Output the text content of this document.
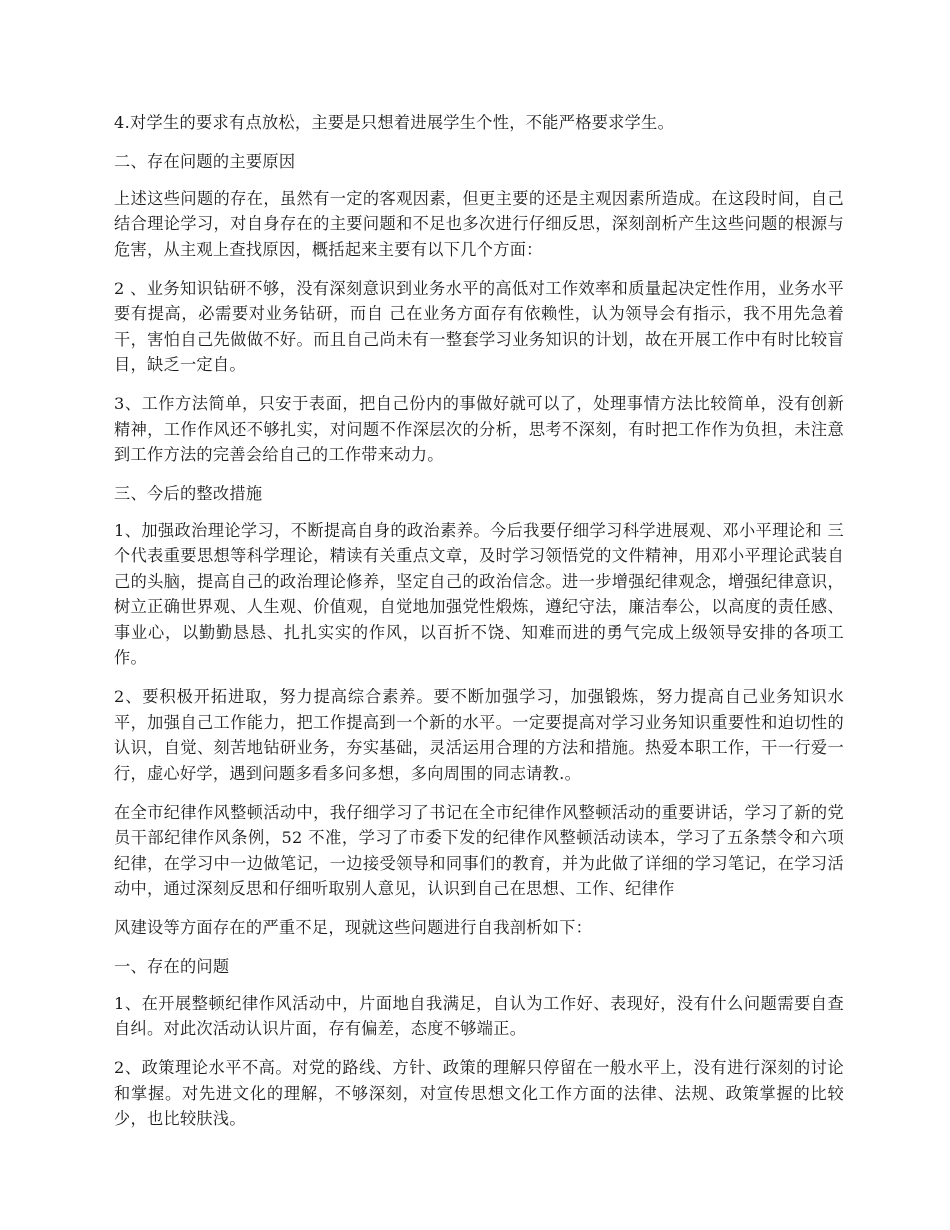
4.对学生的要求有点放松，主要是只想着进展学生个性，不能严格要求学生。

二、存在问题的主要原因

上述这些问题的存在，虽然有一定的客观因素，但更主要的还是主观因素所造成。在这段时间，自己结合理论学习，对自身存在的主要问题和不足也多次进行仔细反思，深刻剖析产生这些问题的根源与危害，从主观上查找原因，概括起来主要有以下几个方面：

2 、业务知识钻研不够，没有深刻意识到业务水平的高低对工作效率和质量起决定性作用，业务水平要有提高，必需要对业务钻研，而自 己在业务方面存有依赖性，认为领导会有指示，我不用先急着干，害怕自己先做做不好。而且自己尚未有一整套学习业务知识的计划，故在开展工作中有时比较盲目，缺乏一定自。

3、工作方法简单，只安于表面，把自己份内的事做好就可以了，处理事情方法比较简单，没有创新精神，工作作风还不够扎实，对问题不作深层次的分析，思考不深刻，有时把工作作为负担，未注意到工作方法的完善会给自己的工作带来动力。

三、今后的整改措施

1、加强政治理论学习，不断提高自身的政治素养。今后我要仔细学习科学进展观、邓小平理论和 三个代表重要思想等科学理论，精读有关重点文章，及时学习领悟党的文件精神，用邓小平理论武装自己的头脑，提高自己的政治理论修养，坚定自己的政治信念。进一步增强纪律观念，增强纪律意识，树立正确世界观、人生观、价值观，自觉地加强党性煅炼，遵纪守法，廉洁奉公，以高度的责任感、事业心，以勤勤恳恳、扎扎实实的作风，以百折不饶、知难而进的勇气完成上级领导安排的各项工作。

2、要积极开拓进取，努力提高综合素养。要不断加强学习，加强锻炼，努力提高自己业务知识水平，加强自己工作能力，把工作提高到一个新的水平。一定要提高对学习业务知识重要性和迫切性的认识，自觉、刻苦地钻研业务，夯实基础，灵活运用合理的方法和措施。热爱本职工作，干一行爱一行，虚心好学，遇到问题多看多问多想，多向周围的同志请教.。

在全市纪律作风整顿活动中，我仔细学习了书记在全市纪律作风整顿活动的重要讲话，学习了新的党员干部纪律作风条例，52 不准，学习了市委下发的纪律作风整顿活动读本，学习了五条禁令和六项纪律，在学习中一边做笔记，一边接受领导和同事们的教育，并为此做了详细的学习笔记，在学习活动中，通过深刻反思和仔细听取别人意见，认识到自己在思想、工作、纪律作

风建设等方面存在的严重不足，现就这些问题进行自我剖析如下：

一、存在的问题

1、在开展整顿纪律作风活动中，片面地自我满足，自认为工作好、表现好，没有什么问题需要自查自纠。对此次活动认识片面，存有偏差，态度不够端正。

2、政策理论水平不高。对党的路线、方针、政策的理解只停留在一般水平上，没有进行深刻的讨论和掌握。对先进文化的理解，不够深刻，对宣传思想文化工作方面的法律、法规、政策掌握的比较少，也比较肤浅。
